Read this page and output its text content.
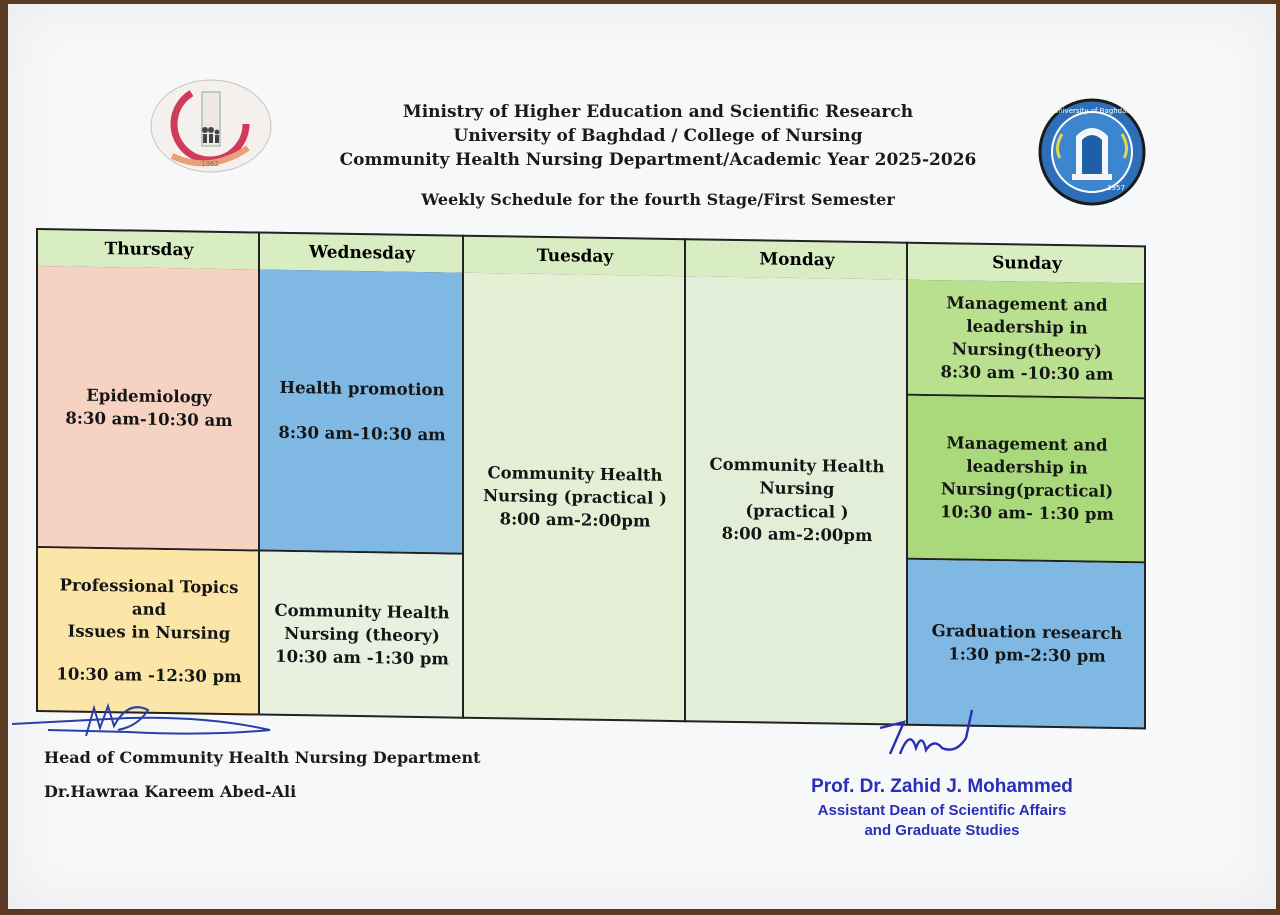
1962
University of Baghdad
1957
Ministry of Higher Education and Scientific Research
University of Baghdad / College of Nursing
Community Health Nursing Department/Academic Year 2025-2026
Weekly Schedule for the fourth Stage/First Semester
Thursday
Epidemiology
8:30 am-10:30 am
Professional Topics and
Issues in Nursing
10:30 am -12:30 pm
Wednesday
Health promotion
8:30 am-10:30 am
Community Health
Nursing (theory)
10:30 am -1:30 pm
Tuesday
Community Health
Nursing (practical )
8:00 am-2:00pm
Monday
Community Health
Nursing
(practical )
8:00 am-2:00pm
Sunday
Management and
leadership in
Nursing(theory)
8:30 am -10:30 am
Management and
leadership in
Nursing(practical)
10:30 am- 1:30 pm
Graduation research
1:30 pm-2:30 pm
Head of Community Health Nursing Department
Dr.Hawraa Kareem Abed-Ali	Prof. Dr. Zahid J. Mohammed
Assistant Dean of Scientific Affairs
and Graduate Studies
